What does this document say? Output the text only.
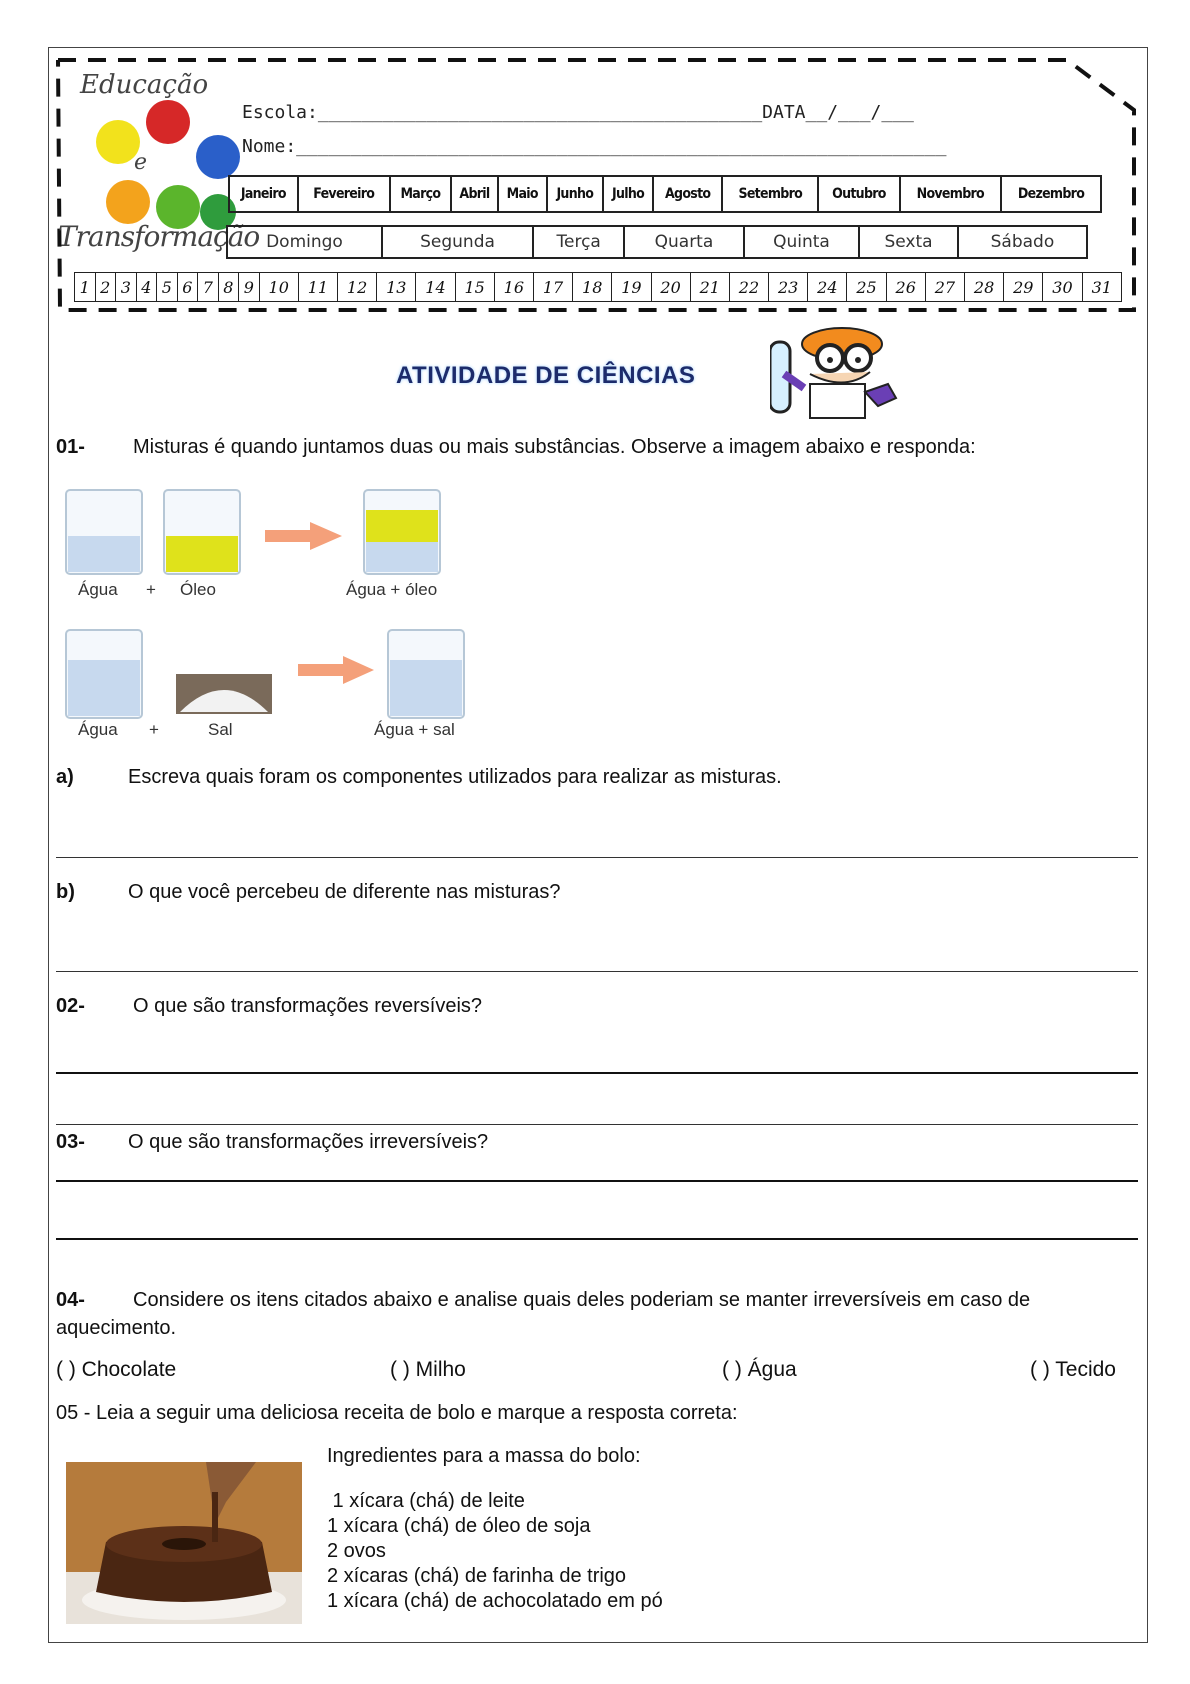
Educação
e
Transformação
Escola:_________________________________________DATA__/___/___
Nome:____________________________________________________________
Janeiro	Fevereiro	Março	Abril	Maio	Junho	Julho	Agosto	Setembro	Outubro	Novembro	Dezembro
Domingo	Segunda	Terça	Quarta	Quinta	Sexta	Sábado
1	2	3	4	5	6	7	8	9	10	11	12	13	14	15	16	17	18	19	20	21	22	23	24	25	26	27	28	29	30	31
ATIVIDADE DE CIÊNCIAS
01- Misturas é quando juntamos duas ou mais substâncias. Observe a imagem abaixo e responda:
Água + Óleo	Água + óleo
Água +	Sal	Água + sal
a)	Escreva quais foram os componentes utilizados para realizar as misturas.
b)	O que você percebeu de diferente nas misturas?
02- O que são transformações reversíveis?
03- O que são transformações irreversíveis?
04- Considere os itens citados abaixo e analise quais deles poderiam se manter irreversíveis em caso de
aquecimento.
( ) Chocolate	( ) Milho	( ) Água	( ) Tecido
05 - Leia a seguir uma deliciosa receita de bolo e marque a resposta correta:
Ingredientes para a massa do bolo:
1 xícara (chá) de leite
1 xícara (chá) de óleo de soja
2 ovos
2 xícaras (chá) de farinha de trigo
1 xícara (chá) de achocolatado em pó
